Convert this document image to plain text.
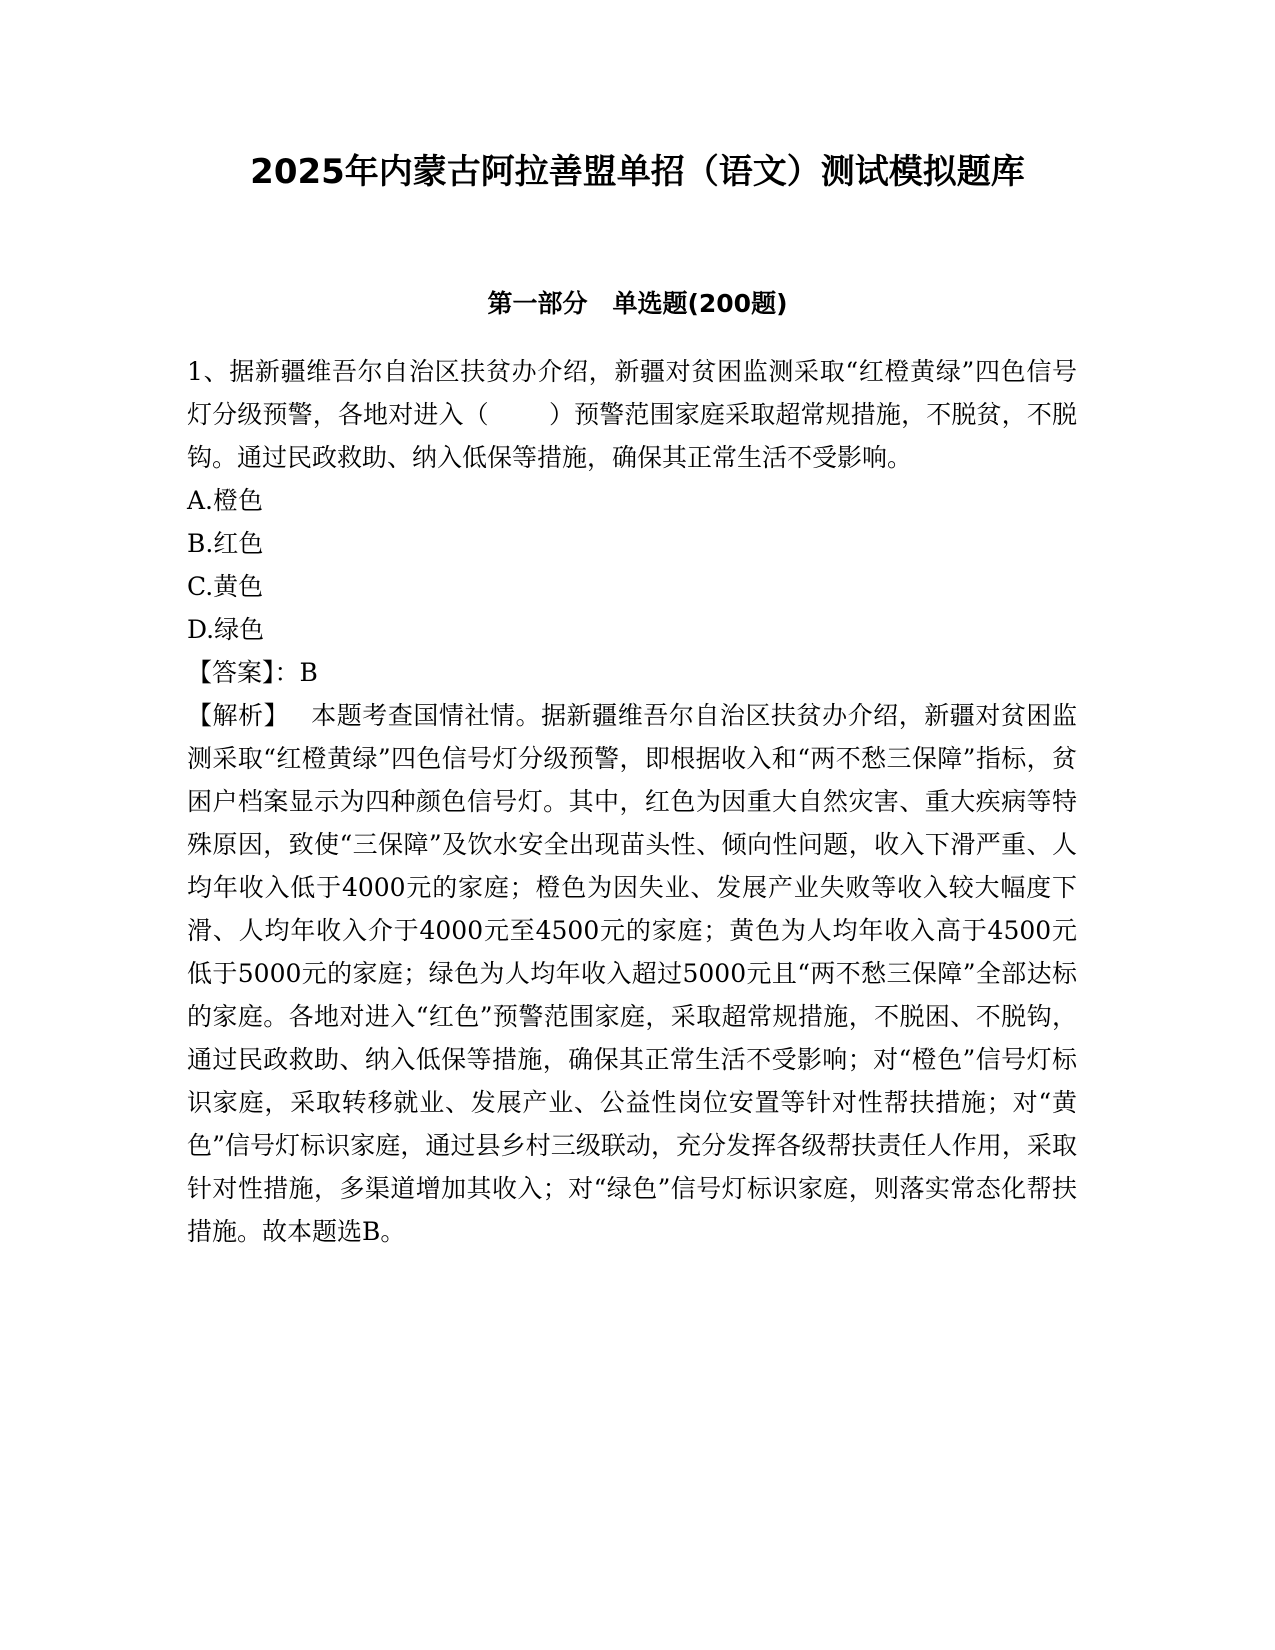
2025年内蒙古阿拉善盟单招（语文）测试模拟题库
第一部分　单选题(200题)

1、据新疆维吾尔自治区扶贫办介绍，新疆对贫困监测采取“红橙黄绿”四色信号灯分级预警，各地对进入（ ）预警范围家庭采取超常规措施，不脱贫，不脱钩。通过民政救助、纳入低保等措施，确保其正常生活不受影响。

A.橙色

B.红色

C.黄色

D.绿色

【答案】：B

【解析】 本题考查国情社情。据新疆维吾尔自治区扶贫办介绍，新疆对贫困监测采取“红橙黄绿”四色信号灯分级预警，即根据收入和“两不愁三保障”指标，贫困户档案显示为四种颜色信号灯。其中，红色为因重大自然灾害、重大疾病等特殊原因，致使“三保障”及饮水安全出现苗头性、倾向性问题，收入下滑严重、人均年收入低于4000元的家庭；橙色为因失业、发展产业失败等收入较大幅度下滑、人均年收入介于4000元至4500元的家庭；黄色为人均年收入高于4500元低于5000元的家庭；绿色为人均年收入超过5000元且“两不愁三保障”全部达标的家庭。各地对进入“红色”预警范围家庭，采取超常规措施，不脱困、不脱钩，通过民政救助、纳入低保等措施，确保其正常生活不受影响；对“橙色”信号灯标识家庭，采取转移就业、发展产业、公益性岗位安置等针对性帮扶措施；对“黄色”信号灯标识家庭，通过县乡村三级联动，充分发挥各级帮扶责任人作用，采取针对性措施，多渠道增加其收入；对“绿色”信号灯标识家庭，则落实常态化帮扶措施。故本题选B。
